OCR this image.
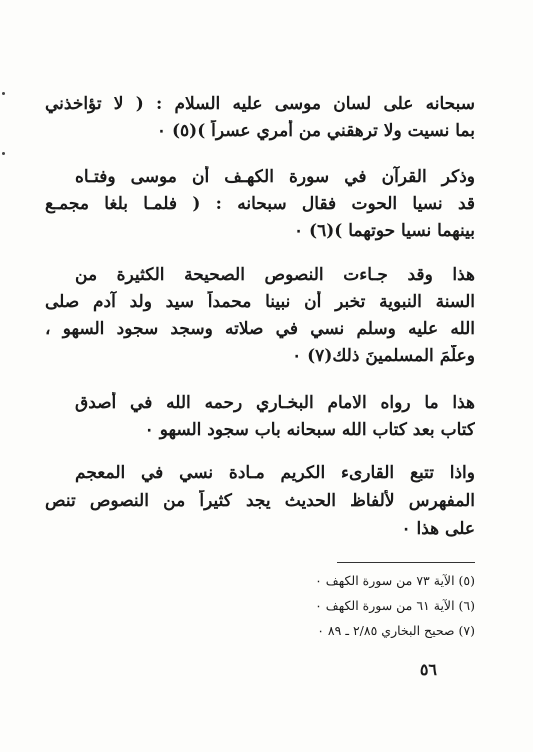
سبحانه على لسان موسى عليه السلام : ( لا تؤاخذني
بما نسيت ولا ترهقني من أمري عسراً )(٥) ٠
وذكر القرآن في سورة الكهـف أن موسى وفتـاه
قد نسيا الحوت فقال سبحانه : ( فلمـا بلغا مجمـع
بينهما نسيا حوتهما )(٦) ٠
هذا وقد جـاءت النصوص الصحيحة الكثيرة من
السنة النبوية تخبر أن نبينا محمداً سيد ولد آدم صلى
الله عليه وسلم نسي في صلاته وسجد سجود السهو ،
وعلّمَ المسلمينَ ذلك(٧) ٠
هذا ما رواه الامام البخـاري رحمه الله في أصدق
كتاب بعد كتاب الله سبحانه باب سجود السهو ٠
واذا تتبع القارىء الكريم مـادة نسي في المعجم
المفهرس لألفاظ الحديث يجد كثيراً من النصوص تنص
على هذا ٠
(٥) الآية ٧٣ من سورة الكهف ٠
(٦) الآية ٦١ من سورة الكهف ٠
(٧) صحيح البخاري ٢/٨٥ ـ ٨٩ ٠
٥٦
